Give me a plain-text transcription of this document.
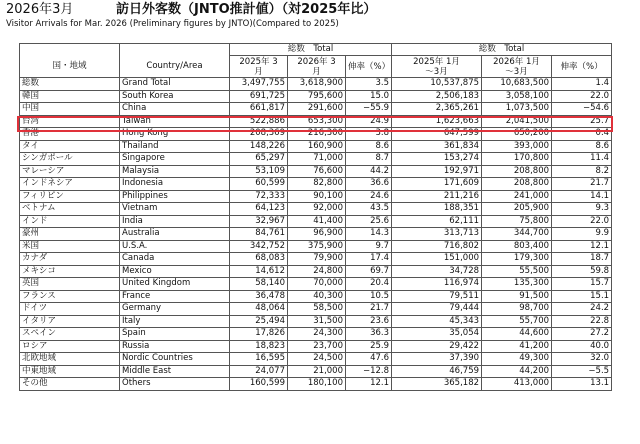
2026年3月	訪日外客数（JNTO推計値）（対2025年比）
Visitor Arrivals for Mar. 2026 (Preliminary figures by JNTO)(Compared to 2025)
		総数　Total			総数　Total		
国・地域	Country/Area	2025年 3月	2026年 3月	伸率（%）	2025年 1月～3月	2026年 1月～3月	伸率（%）
総数	Grand Total	3,497,755	3,618,900	3.5	10,537,875	10,683,500	1.4
韓国	South Korea	691,725	795,600	15.0	2,506,183	3,058,100	22.0
中国	China	661,817	291,600	−55.9	2,365,261	1,073,500	−54.6
台湾	Taiwan	522,886	653,300	24.9	1,623,663	2,041,500	25.7
香港	Hong Kong	208,369	216,300	3.8	647,599	650,200	0.4
タイ	Thailand	148,226	160,900	8.6	361,834	393,000	8.6
シンガポール	Singapore	65,297	71,000	8.7	153,274	170,800	11.4
マレーシア	Malaysia	53,109	76,600	44.2	192,971	208,800	8.2
インドネシア	Indonesia	60,599	82,800	36.6	171,609	208,800	21.7
フィリピン	Philippines	72,333	90,100	24.6	211,216	241,000	14.1
ベトナム	Vietnam	64,123	92,000	43.5	188,351	205,900	9.3
インド	India	32,967	41,400	25.6	62,111	75,800	22.0
豪州	Australia	84,761	96,900	14.3	313,713	344,700	9.9
米国	U.S.A.	342,752	375,900	9.7	716,802	803,400	12.1
カナダ	Canada	68,083	79,900	17.4	151,000	179,300	18.7
メキシコ	Mexico	14,612	24,800	69.7	34,728	55,500	59.8
英国	United Kingdom	58,140	70,000	20.4	116,974	135,300	15.7
フランス	France	36,478	40,300	10.5	79,511	91,500	15.1
ドイツ	Germany	48,064	58,500	21.7	79,444	98,700	24.2
イタリア	Italy	25,494	31,500	23.6	45,343	55,700	22.8
スペイン	Spain	17,826	24,300	36.3	35,054	44,600	27.2
ロシア	Russia	18,823	23,700	25.9	29,422	41,200	40.0
北欧地域	Nordic Countries	16,595	24,500	47.6	37,390	49,300	32.0
中東地域	Middle East	24,077	21,000	−12.8	46,759	44,200	−5.5
その他	Others	160,599	180,100	12.1	365,182	413,000	13.1
